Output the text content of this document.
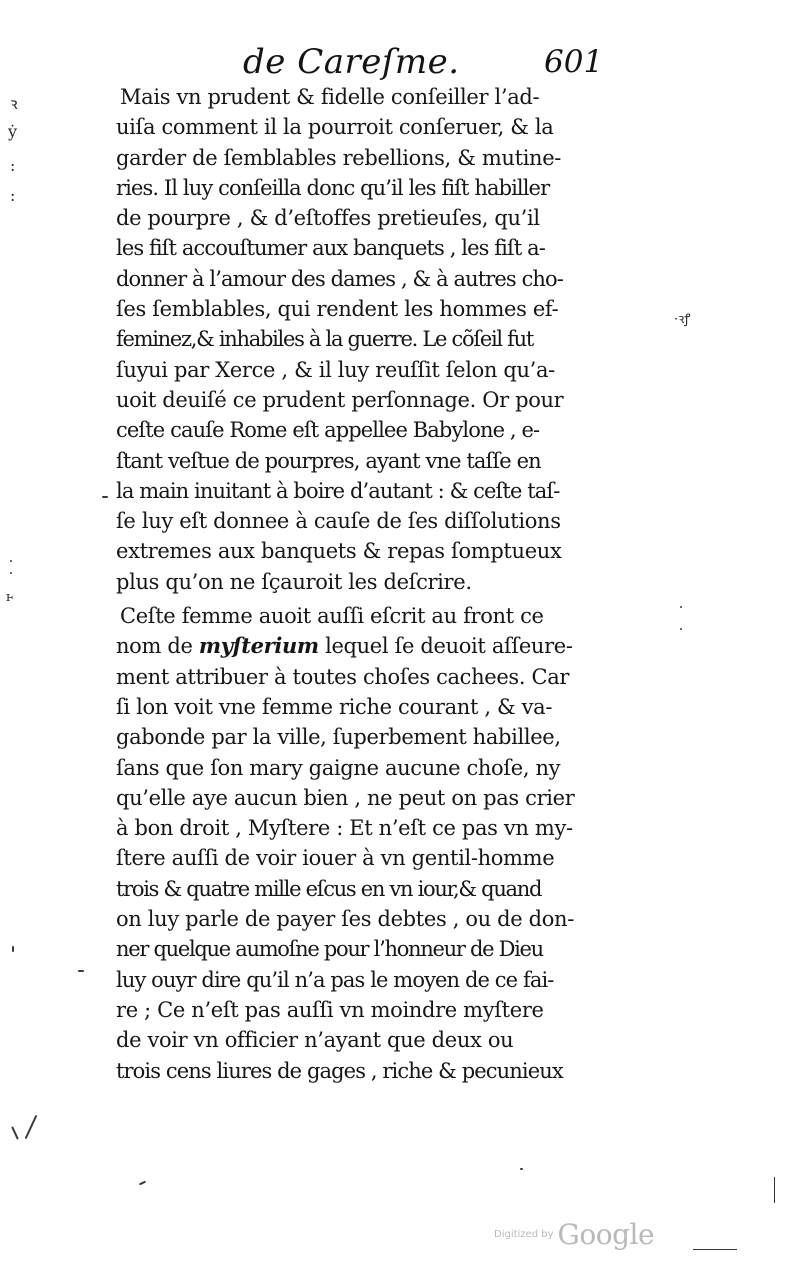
de Careſme.	601
ꝛ
ẏ
:
:
·ꝛꝭ
ⱶ
Mais vn prudent & fidelle conſeiller l’ad-
uiſa comment il la pourroit conſeruer, & la
garder de ſemblables rebellions, & mutine-
ries. Il luy conſeilla donc qu’il les fiſt habiller
de pourpre , & d’eſtoffes pretieuſes, qu’il
les fiſt accouſtumer aux banquets , les fiſt a-
donner à l’amour des dames , & à autres cho-
ſes ſemblables, qui rendent les hommes ef-
feminez,& inhabiles à la guerre. Le cõſeil fut
ſuyui par Xerce , & il luy reuſſit ſelon qu’a-
uoit deuiſé ce prudent perſonnage. Or pour
ceſte cauſe Rome eſt appellee Babylone , e-
ſtant veſtue de pourpres, ayant vne taſſe en
la main inuitant à boire d’autant : & ceſte taſ-
ſe luy eſt donnee à cauſe de ſes diſſolutions
extremes aux banquets & repas ſomptueux
plus qu’on ne ſçauroit les deſcrire.
Ceſte femme auoit auſſi eſcrit au front ce
nom de myſterium lequel ſe deuoit aſſeure-
ment attribuer à toutes choſes cachees. Car
ſi lon voit vne femme riche courant , & va-
gabonde par la ville, ſuperbement habillee,
ſans que ſon mary gaigne aucune choſe, ny
qu’elle aye aucun bien , ne peut on pas crier
à bon droit , Myſtere : Et n’eſt ce pas vn my-
ſtere auſſi de voir iouer à vn gentil-homme
trois & quatre mille eſcus en vn iour,& quand
on luy parle de payer ſes debtes , ou de don-
ner quelque aumoſne pour l’honneur de Dieu
luy ouyr dire qu’il n’a pas le moyen de ce fai-
re ; Ce n’eſt pas auſſi vn moindre myſtere
de voir vn officier n’ayant que deux ou
trois cens liures de gages , riche & pecunieux
Digitized by Google
